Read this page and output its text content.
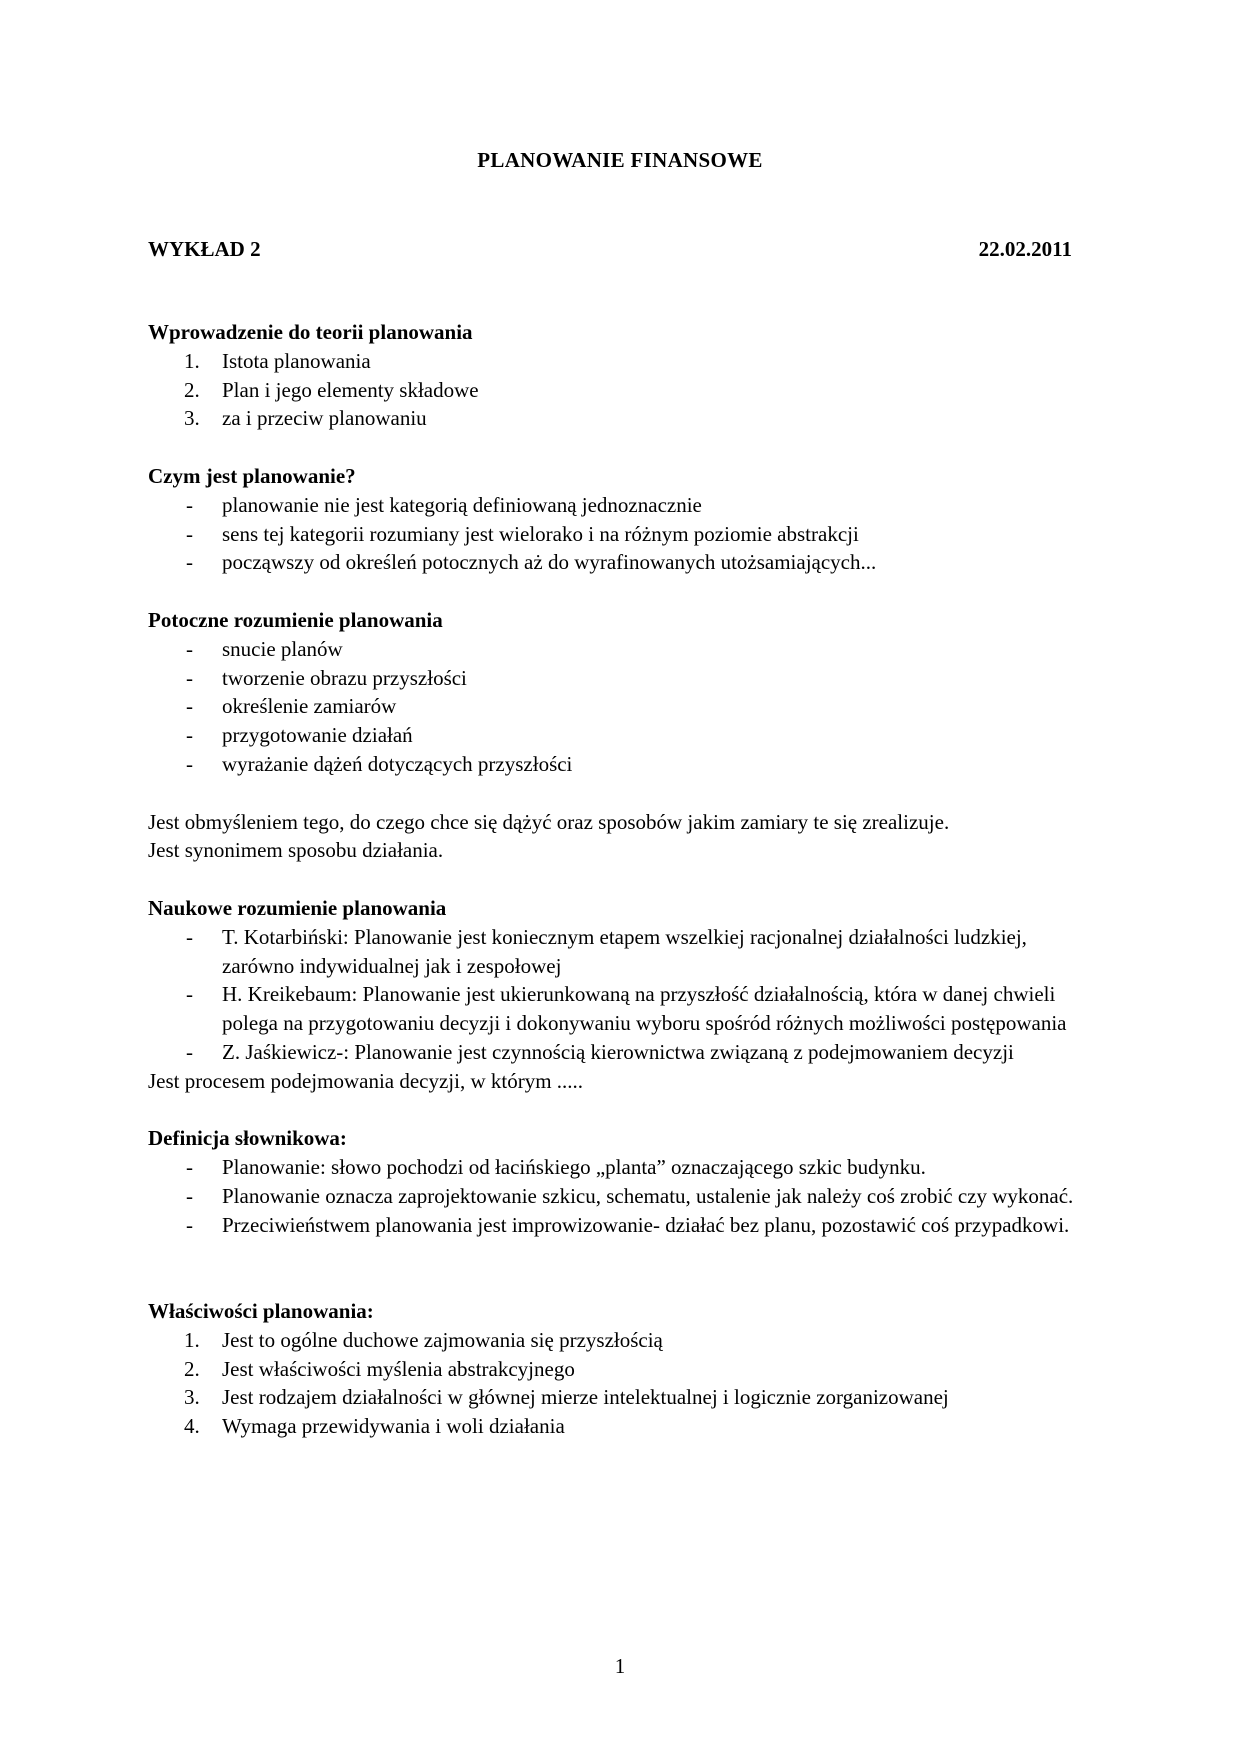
PLANOWANIE FINANSOWE
WYKŁAD 2	22.02.2011
Wprowadzenie do teorii planowania
1. Istota planowania
2. Plan i jego elementy składowe
3. za i przeciw planowaniu
Czym jest planowanie?
- planowanie nie jest kategorią definiowaną jednoznacznie
- sens tej kategorii rozumiany jest wielorako i na różnym poziomie abstrakcji
- począwszy od określeń potocznych aż do wyrafinowanych utożsamiających...
Potoczne rozumienie planowania
- snucie planów
- tworzenie obrazu przyszłości
- określenie zamiarów
- przygotowanie działań
- wyrażanie dążeń dotyczących przyszłości

Jest obmyśleniem tego, do czego chce się dążyć oraz sposobów jakim zamiary te się zrealizuje.

Jest synonimem sposobu działania.

Naukowe rozumienie planowania
- T. Kotarbiński: Planowanie jest koniecznym etapem wszelkiej racjonalnej działalności ludzkiej, zarówno indywidualnej jak i zespołowej
- H. Kreikebaum: Planowanie jest ukierunkowaną na przyszłość działalnością, która w danej chwieli polega na przygotowaniu decyzji i dokonywaniu wyboru spośród różnych możliwości postępowania
- Z. Jaśkiewicz-: Planowanie jest czynnością kierownictwa związaną z podejmowaniem decyzji

Jest procesem podejmowania decyzji, w którym .....

Definicja słownikowa:
- Planowanie: słowo pochodzi od łacińskiego „planta” oznaczającego szkic budynku.
- Planowanie oznacza zaprojektowanie szkicu, schematu, ustalenie jak należy coś zrobić czy wykonać.
- Przeciwieństwem planowania jest improwizowanie- działać bez planu, pozostawić coś przypadkowi.
Właściwości planowania:
1. Jest to ogólne duchowe zajmowania się przyszłością
2. Jest właściwości myślenia abstrakcyjnego
3. Jest rodzajem działalności w głównej mierze intelektualnej i logicznie zorganizowanej
4. Wymaga przewidywania i woli działania
1
